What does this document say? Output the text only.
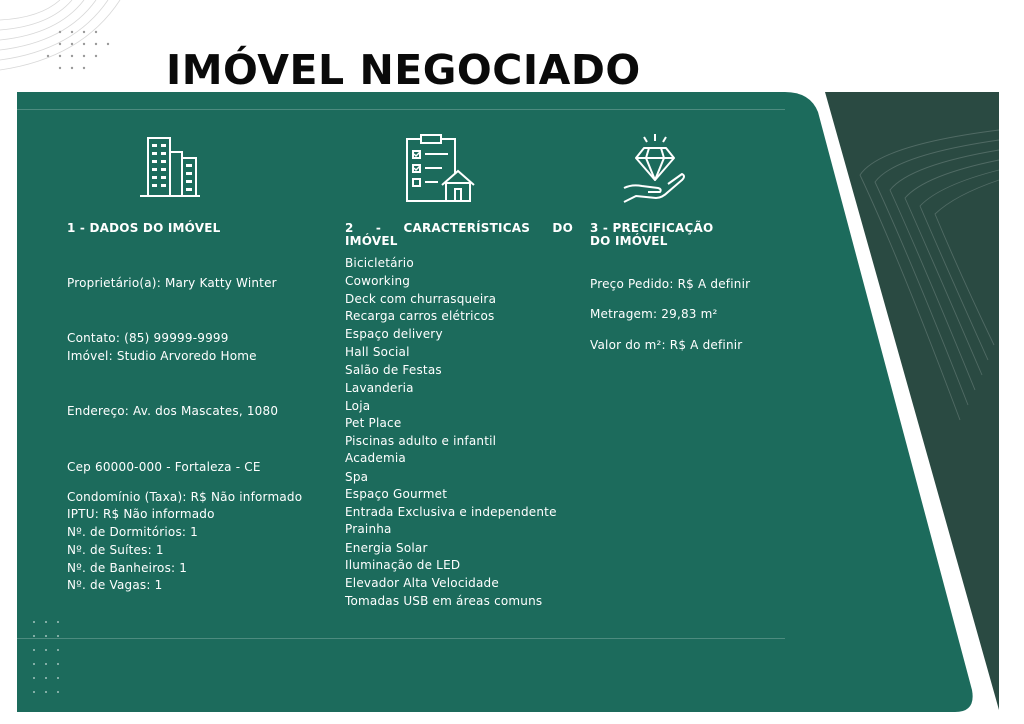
IMÓVEL NEGOCIADO
1 - DADOS DO IMÓVEL
Proprietário(a): Mary Katty Winter
Contato: (85) 99999-9999
Imóvel: Studio Arvoredo Home
Endereço: Av. dos Mascates, 1080
Cep 60000-000 - Fortaleza - CE
Condomínio (Taxa): R$ Não informado
IPTU: R$ Não informado
Nº. de Dormitórios: 1
Nº. de Suítes: 1
Nº. de Banheiros: 1
Nº. de Vagas: 1
2 - CARACTERÍSTICAS DO
IMÓVEL
Bicicletário
Coworking
Deck com churrasqueira
Recarga carros elétricos
Espaço delivery
Hall Social
Salão de Festas
Lavanderia
Loja
Pet Place
Piscinas adulto e infantil
Academia
Spa
Espaço Gourmet
Entrada Exclusiva e independente
Prainha
Energia Solar
Iluminação de LED
Elevador Alta Velocidade
Tomadas USB em áreas comuns
3 - PRECIFICAÇÃO
DO IMÓVEL
Preço Pedido: R$ A definir
Metragem: 29,83 m²
Valor do m²: R$ A definir
